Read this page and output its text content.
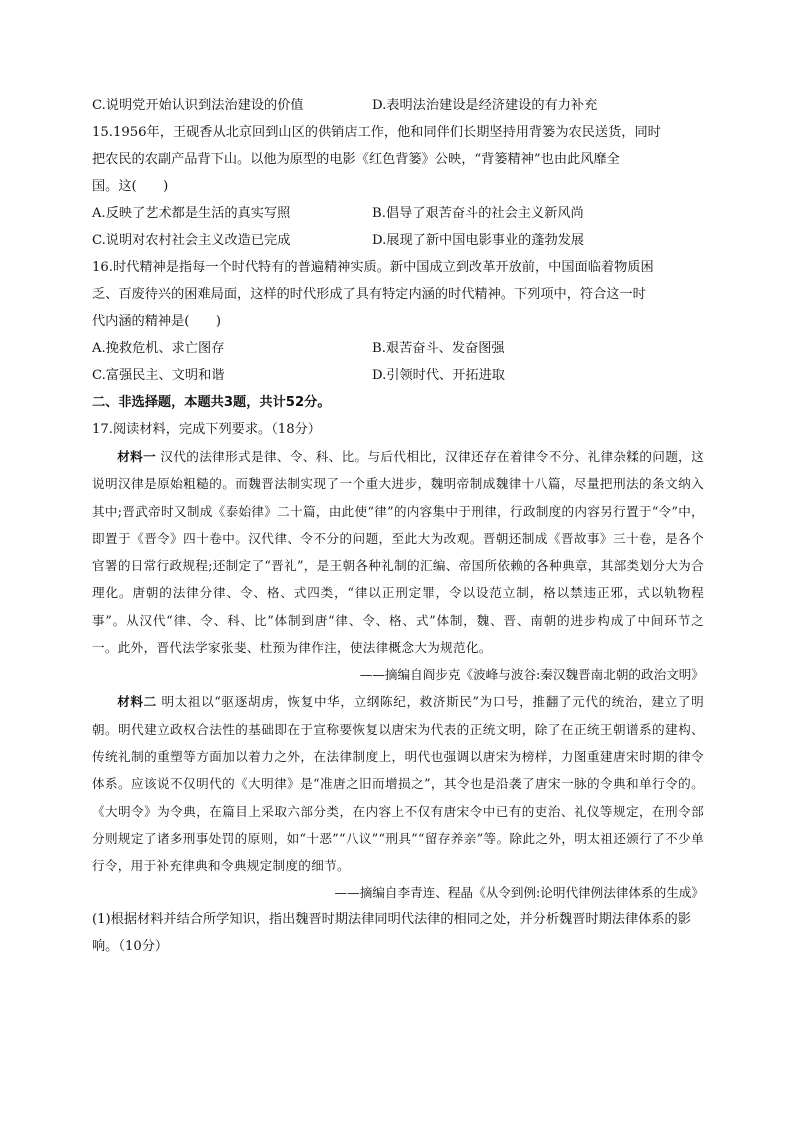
C.说明党开始认识到法治建设的价值	D.表明法治建设是经济建设的有力补充
15.1956年，王砚香从北京回到山区的供销店工作，他和同伴们长期坚持用背篓为农民送货，同时
把农民的农副产品背下山。以他为原型的电影《红色背篓》公映，“背篓精神”也由此风靡全
国。这(　　)
A.反映了艺术都是生活的真实写照	B.倡导了艰苦奋斗的社会主义新风尚
C.说明对农村社会主义改造已完成	D.展现了新中国电影事业的蓬勃发展
16.时代精神是指每一个时代特有的普遍精神实质。新中国成立到改革开放前，中国面临着物质困
乏、百废待兴的困难局面，这样的时代形成了具有特定内涵的时代精神。下列项中，符合这一时
代内涵的精神是(　　)
A.挽救危机、求亡图存	B.艰苦奋斗、发奋图强
C.富强民主、文明和谐	D.引领时代、开拓进取
二、非选择题，本题共3题，共计52分。
17.阅读材料，完成下列要求。（18分）

材料一 汉代的法律形式是律、令、科、比。与后代相比，汉律还存在着律令不分、礼律杂糅的问题，这说明汉律是原始粗糙的。而魏晋法制实现了一个重大进步，魏明帝制成魏律十八篇，尽量把刑法的条文纳入其中;晋武帝时又制成《泰始律》二十篇，由此使“律”的内容集中于刑律，行政制度的内容另行置于“令”中，即置于《晋令》四十卷中。汉代律、令不分的问题，至此大为改观。晋朝还制成《晋故事》三十卷，是各个官署的日常行政规程;还制定了“晋礼”，是王朝各种礼制的汇编、帝国所依赖的各种典章，其部类划分大为合理化。唐朝的法律分律、令、格、式四类，“律以正刑定罪，令以设范立制，格以禁违正邪，式以轨物程事”。从汉代“律、令、科、比”体制到唐“律、令、格、式”体制，魏、晋、南朝的进步构成了中间环节之一。此外，晋代法学家张斐、杜预为律作注，使法律概念大为规范化。

——摘编自阎步克《波峰与波谷:秦汉魏晋南北朝的政治文明》

材料二 明太祖以“驱逐胡虏，恢复中华，立纲陈纪，救济斯民”为口号，推翻了元代的统治，建立了明朝。明代建立政权合法性的基础即在于宣称要恢复以唐宋为代表的正统文明，除了在正统王朝谱系的建构、传统礼制的重塑等方面加以着力之外，在法律制度上，明代也强调以唐宋为榜样，力图重建唐宋时期的律令体系。应该说不仅明代的《大明律》是“准唐之旧而增损之”，其令也是沿袭了唐宋一脉的令典和单行令的。《大明令》为令典，在篇目上采取六部分类，在内容上不仅有唐宋令中已有的吏治、礼仪等规定，在刑令部分则规定了诸多刑事处罚的原则，如“十恶”“八议”“刑具”“留存养亲”等。除此之外，明太祖还颁行了不少单行令，用于补充律典和令典规定制度的细节。

——摘编自李青连、程晶《从令到例:论明代律例法律体系的生成》
(1)根据材料并结合所学知识，指出魏晋时期法律同明代法律的相同之处，并分析魏晋时期法律体系的影响。（10分）
